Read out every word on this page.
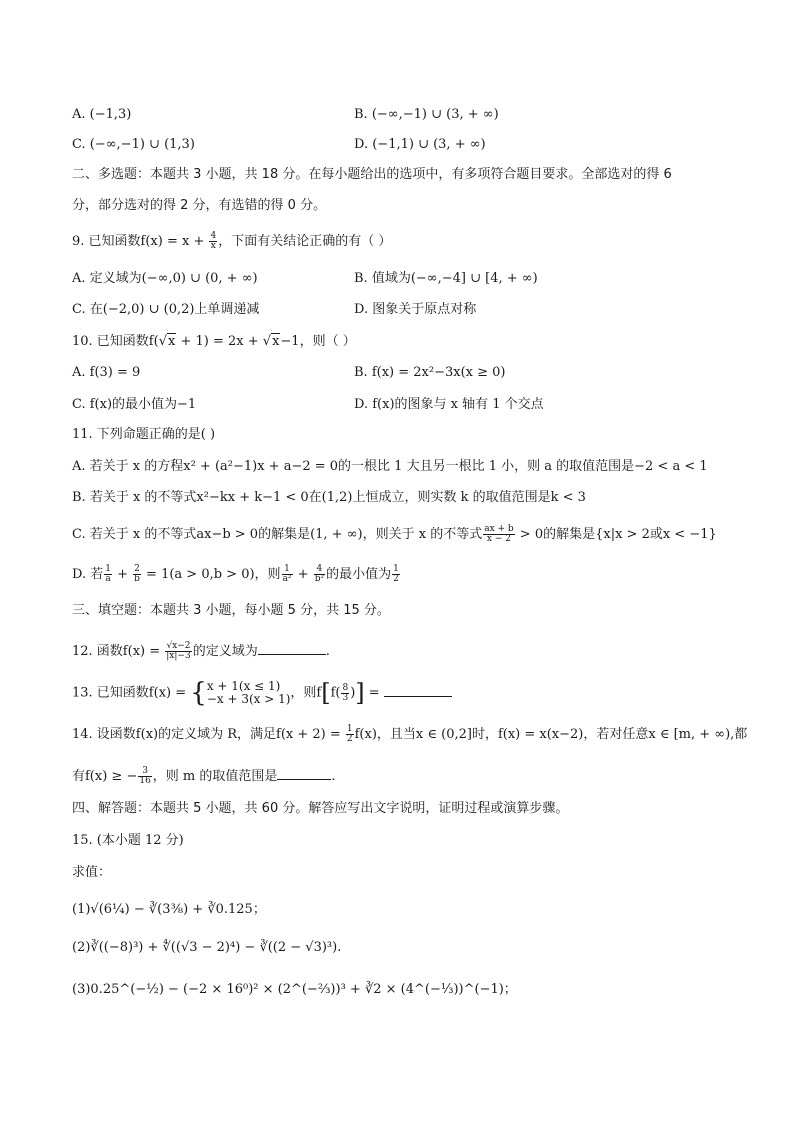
A. (−1,3)	B. (−∞,−1) ∪ (3, + ∞)
C. (−∞,−1) ∪ (1,3)	D. (−1,1) ∪ (3, + ∞)
二、多选题：本题共 3 小题，共 18 分。在每小题给出的选项中，有多项符合题目要求。全部选对的得 6
分，部分选对的得 2 分，有选错的得 0 分。
9. 已知函数$f(x) = x + \frac{4}{x}$ ，下面有关结论正确的有（ ）
A. 定义域为(−∞,0) ∪ (0, + ∞)	B. 值域为(−∞,−4] ∪ [4, + ∞)
C. 在(−2,0) ∪ (0,2)上单调递减	D. 图象关于原点对称
10. 已知函数f(√x + 1) = 2x + √x−1，则（ ）
A. f(3) = 9	B. f(x) = 2x²−3x(x ≥ 0)
C. f(x)的最小值为−1	D. f(x)的图象与 x 轴有 1 个交点
11. 下列命题正确的是( )
A. 若关于 x 的方程x² + (a²−1)x + a−2 = 0的一根比 1 大且另一根比 1 小，则 a 的取值范围是−2 < a < 1
B. 若关于 x 的不等式x²−kx + k−1 < 0在(1,2)上恒成立，则实数 k 的取值范围是k < 3
C. 若关于 x 的不等式ax−b > 0的解集是(1, + ∞)，则关于 x 的不等式 $\frac{ax + b}{x - 2} > 0$的解集是{x|x > 2或x < −1}
D. 若 $\frac{1}{a} + \frac{2}{b} = 1(a > 0,b > 0)$，则 $\frac{1}{\text{a²}} + \frac{4}{\text{b²}}$ 的最小值为 $\frac{1}{2}$
三、填空题：本题共 3 小题，每小题 5 分，共 15 分。
12. 函数$f(x) = \frac{√x-2}{|x|-3}$ 的定义域为	.
13. 已知函数f(x) = { x + 1(x ≤ 1)
−x + 3(x > 1) ，则$f[f( \frac{8}{3}$ )] =
14. 设函数f(x)的定义域为 R，满足$f(x + 2) = \frac{1}{2} f(x)$，且当x ∈ (0,2]时，f(x) = x(x−2)，若对任意x ∈ [m, + ∞),都
有f(x) ≥ − $\frac{3}{16}$ ，则 m 的取值范围是	.
四、解答题：本题共 5 小题，共 60 分。解答应写出文字说明，证明过程或演算步骤。
15. (本小题 12 分)
求值：
(1)√(6¼) − ∛(3⅜) + ∛0.125；
(2)∛((−8)³) + ∜((√3 − 2)⁴) − ∛((2 − √3)³).
(3)0.25^(−½) − (−2 × 16⁰)² × (2^(−⅔))³ + ∛2 × (4^(−⅓))^(−1)；
